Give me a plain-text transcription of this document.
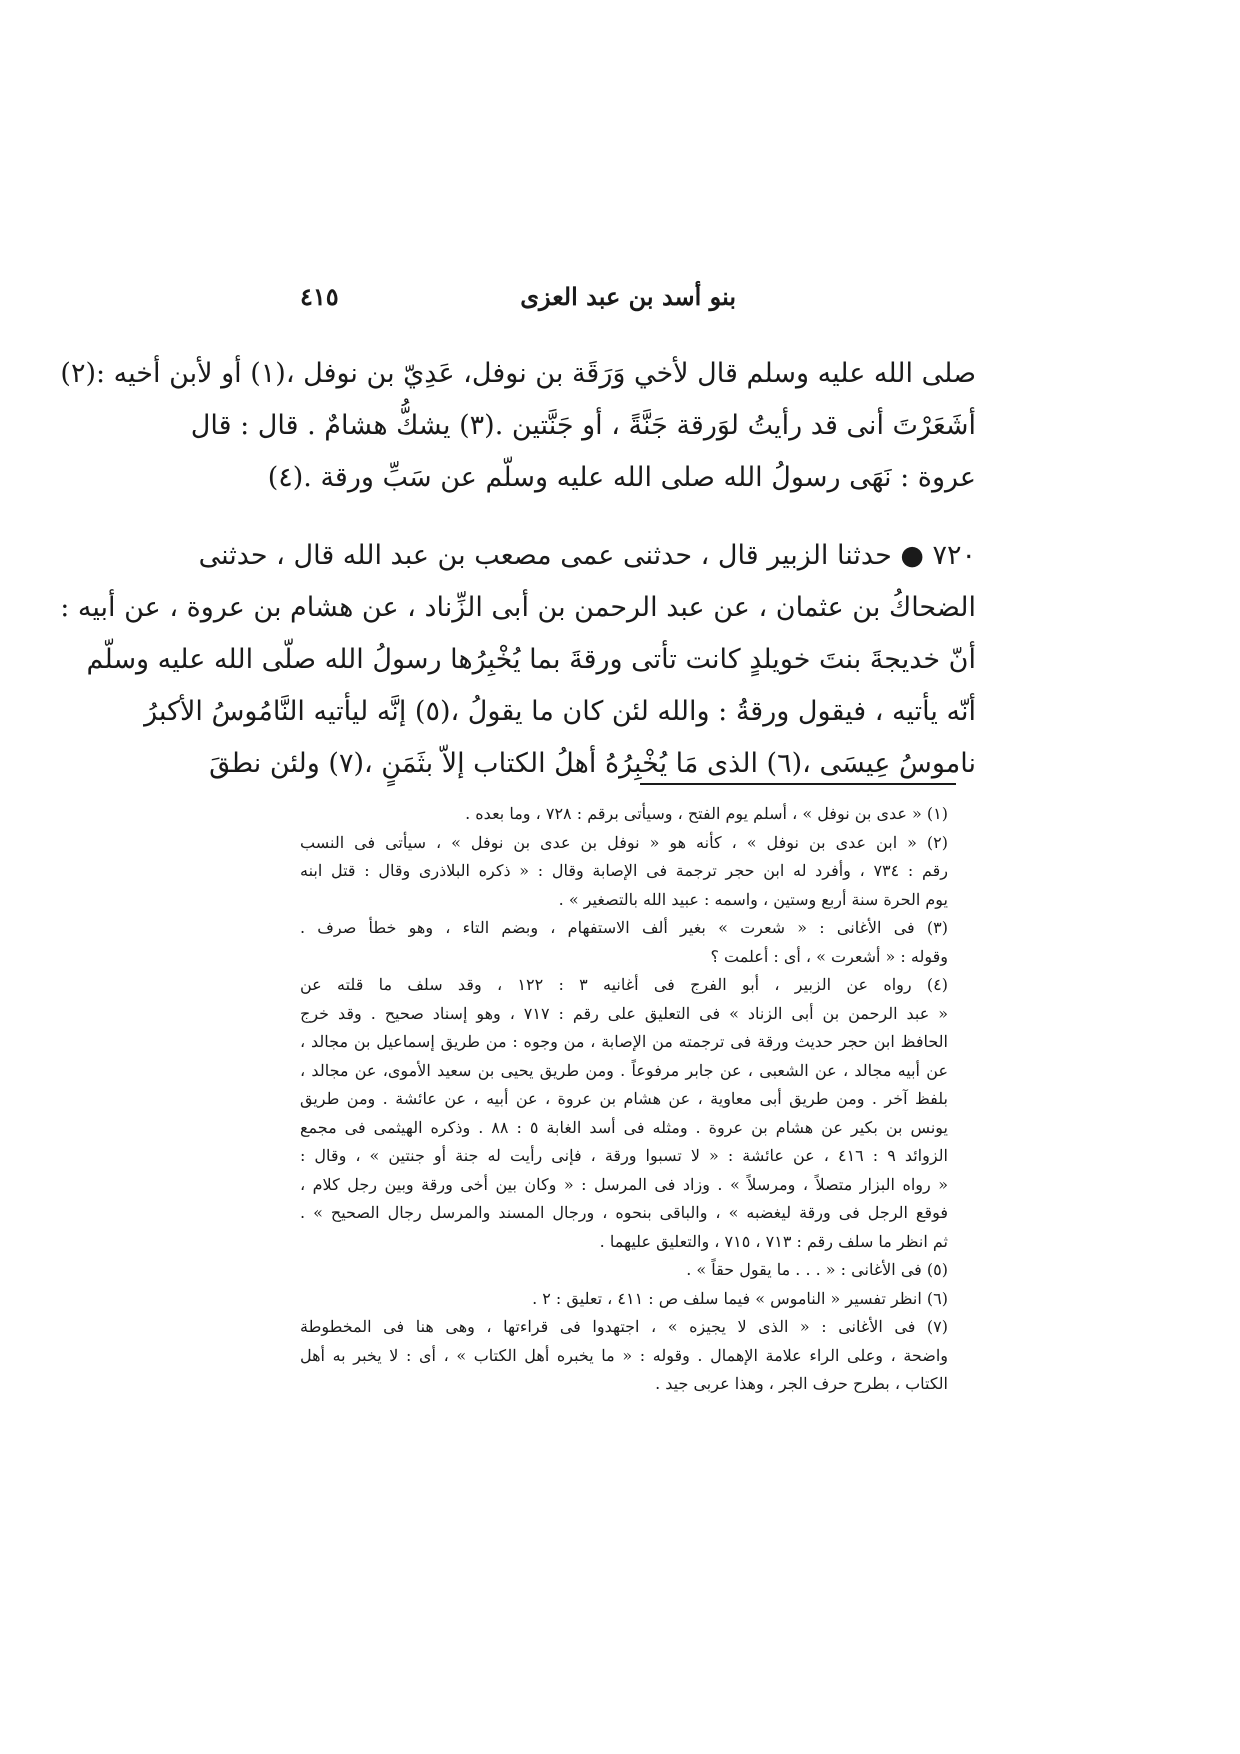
بنو أسد بن عبد العزى
٤١٥
صلى الله عليه وسلم قال لأخي وَرَقَة بن نوفل، عَدِيّ بن نوفل ،(١) أو لأبن أخيه :(٢)
أشَعَرْتَ أنى قد رأيتُ لوَرقة جَنَّةً ، أو جَنَّتين .(٣) يشكُّ هشامٌ . قال : قال
عروة : نَهَى رسولُ الله صلى الله عليه وسلّم عن سَبِّ ورقة .(٤)
٧٢٠ ● حدثنا الزبير قال ، حدثنى عمى مصعب بن عبد الله قال ، حدثنى
الضحاكُ بن عثمان ، عن عبد الرحمن بن أبى الزِّناد ، عن هشام بن عروة ، عن أبيه :
أنّ خديجةَ بنتَ خويلدٍ كانت تأتى ورقةَ بما يُخْبِرُها رسولُ الله صلّى الله عليه وسلّم
أنّه يأتيه ، فيقول ورقةُ : والله لئن كان ما يقولُ ،(٥) إنَّه ليأتيه النَّامُوسُ الأكبرُ
ناموسُ عِيسَى ،(٦) الذى مَا يُخْبِرُهُ أهلُ الكتاب إلاّ بثَمَنٍ ،(٧) ولئن نطقَ
(١) « عدى بن نوفل » ، أسلم يوم الفتح ، وسيأتى برقم : ٧٢٨ ، وما بعده .
(٢) « ابن عدى بن نوفل » ، كأنه هو « نوفل بن عدى بن نوفل » ، سيأتى فى النسب
رقم : ٧٣٤ ، وأفرد له ابن حجر ترجمة فى الإصابة وقال : « ذكره البلاذرى وقال : قتل ابنه
يوم الحرة سنة أربع وستين ، واسمه : عبيد الله بالتصغير » .
(٣) فى الأغانى : « شعرت » بغير ألف الاستفهام ، وبضم التاء ، وهو خطأ صرف .
وقوله : « أشعرت » ، أى : أعلمت ؟
(٤) رواه عن الزبير ، أبو الفرج فى أغانيه ٣ : ١٢٢ ، وقد سلف ما قلته عن
« عبد الرحمن بن أبى الزناد » فى التعليق على رقم : ٧١٧ ، وهو إسناد صحيح . وقد خرج
الحافظ ابن حجر حديث ورقة فى ترجمته من الإصابة ، من وجوه : من طريق إسماعيل بن مجالد ،
عن أبيه مجالد ، عن الشعبى ، عن جابر مرفوعاً . ومن طريق يحيى بن سعيد الأموى، عن مجالد ،
بلفظ آخر . ومن طريق أبى معاوية ، عن هشام بن عروة ، عن أبيه ، عن عائشة . ومن طريق
يونس بن بكير عن هشام بن عروة . ومثله فى أسد الغابة ٥ : ٨٨ . وذكره الهيثمى فى مجمع
الزوائد ٩ : ٤١٦ ، عن عائشة : « لا تسبوا ورقة ، فإنى رأيت له جنة أو جنتين » ، وقال :
« رواه البزار متصلاً ، ومرسلاً » . وزاد فى المرسل : « وكان بين أخى ورقة وبين رجل كلام ،
فوقع الرجل فى ورقة ليغضبه » ، والباقى بنحوه ، ورجال المسند والمرسل رجال الصحيح » .
ثم انظر ما سلف رقم : ٧١٣ ، ٧١٥ ، والتعليق عليهما .
(٥) فى الأغانى : « . . . ما يقول حقاً » .
(٦) انظر تفسير « الناموس » فيما سلف ص : ٤١١ ، تعليق : ٢ .
(٧) فى الأغانى : « الذى لا يجيزه » ، اجتهدوا فى قراءتها ، وهى هنا فى المخطوطة
واضحة ، وعلى الراء علامة الإهمال . وقوله : « ما يخبره أهل الكتاب » ، أى : لا يخبر به أهل
الكتاب ، بطرح حرف الجر ، وهذا عربى جيد .
